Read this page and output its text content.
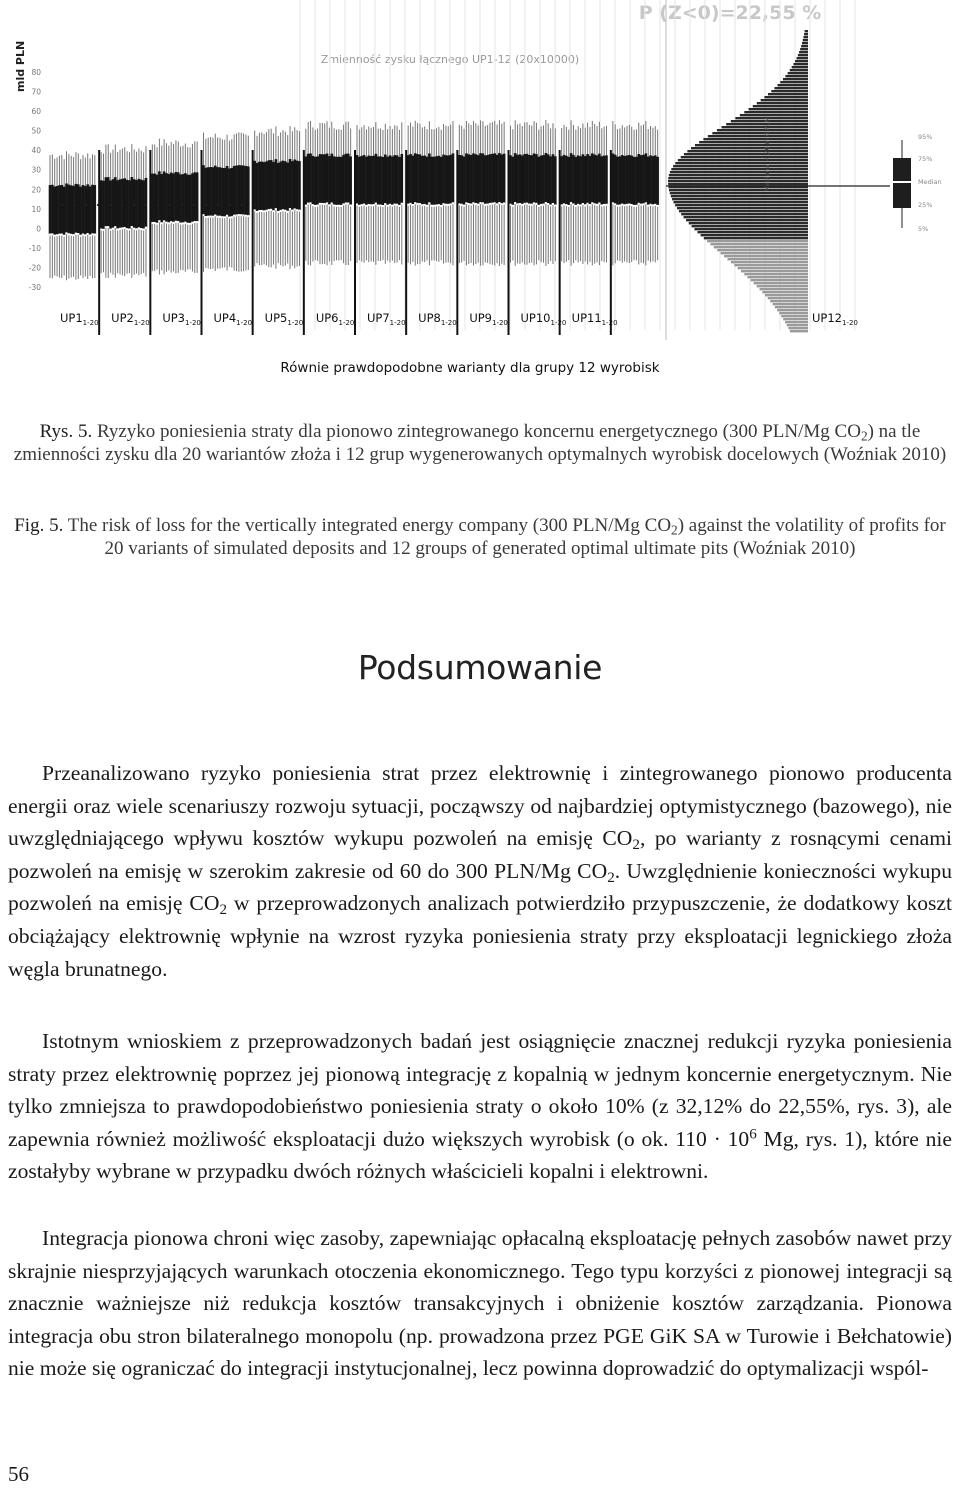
P (Z<0)=22,55 %
Zmienność zysku łącznego UP1-12 (20x10000)
mld PLN 80
70
60
50
40
30
20
10
0
-10
-20
-30
$UP1_{1-20}$ $UP2_{1-20}$ $UP3_{1-20}$ $UP4_{1-20}$ $UP5_{1-20}$ $UP6_{1-20}$ $UP7_{1-20}$ $UP8_{1-20}$ $UP9_{1-20}$ $UP10_{1-20}$ $UP11_{1-20}$	$UP12_{1-20}$
Mediana = 20 mld PLN	95%
75%
Median
25%
5%
Równie prawdopodobne warianty dla grupy 12 wyrobisk
Rys. 5. Ryzyko poniesienia straty dla pionowo zintegrowanego koncernu energetycznego (300 PLN/Mg $CO_2$) na tle zmienności zysku dla 20 wariantów złoża i 12 grup wygenerowanych optymalnych wyrobisk docelowych (Woźniak 2010)
Fig. 5. The risk of loss for the vertically integrated energy company (300 PLN/Mg $CO_2$) against the volatility of profits for 20 variants of simulated deposits and 12 groups of generated optimal ultimate pits (Woźniak 2010)
Podsumowanie

Przeanalizowano ryzyko poniesienia strat przez elektrownię i zintegrowanego pionowo producenta energii oraz wiele scenariuszy rozwoju sytuacji, począwszy od najbardziej optymistycznego (bazowego), nie uwzględniającego wpływu kosztów wykupu pozwoleń na emisję $CO_2$, po warianty z rosnącymi cenami pozwoleń na emisję w szerokim zakresie od 60 do 300 PLN/Mg $CO_2$. Uwzględnienie konieczności wykupu pozwoleń na emisję $CO_2$ w przeprowadzonych analizach potwierdziło przypuszczenie, że dodatkowy koszt obciążający elektrownię wpłynie na wzrost ryzyka poniesienia straty przy eksploatacji legnickiego złoża węgla brunatnego.

Istotnym wnioskiem z przeprowadzonych badań jest osiągnięcie znacznej redukcji ryzyka poniesienia straty przez elektrownię poprzez jej pionową integrację z kopalnią w jednym koncernie energetycznym. Nie tylko zmniejsza to prawdopodobieństwo poniesienia straty o około 10% (z 32,12% do 22,55%, rys. 3), ale zapewnia również możliwość eksploatacji dużo większych wyrobisk (o ok. $110 \cdot 10^6$ Mg, rys. 1), które nie zostałyby wybrane w przypadku dwóch różnych właścicieli kopalni i elektrowni.

Integracja pionowa chroni więc zasoby, zapewniając opłacalną eksploatację pełnych zasobów nawet przy skrajnie niesprzyjających warunkach otoczenia ekonomicznego. Tego typu korzyści z pionowej integracji są znacznie ważniejsze niż redukcja kosztów transakcyjnych i obniżenie kosztów zarządzania. Pionowa integracja obu stron bilateralnego monopolu (np. prowadzona przez PGE GiK SA w Turowie i Bełchatowie) nie może się ograniczać do integracji instytucjonalnej, lecz powinna doprowadzić do optymalizacji wspól-

56
